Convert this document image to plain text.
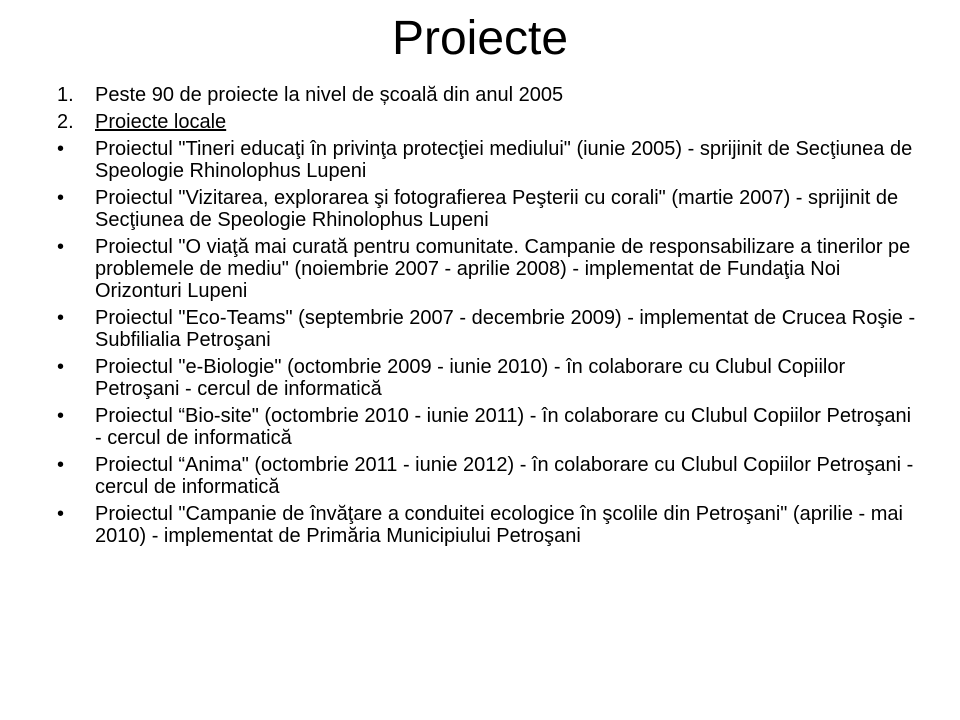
Proiecte
1.	Peste 90 de proiecte la nivel de școală din anul 2005
2.	Proiecte locale
•	Proiectul "Tineri educaţi în privinţa protecţiei mediului" (iunie 2005) - sprijinit de Secţiunea de Speologie Rhinolophus Lupeni
•	Proiectul "Vizitarea, explorarea şi fotografierea Peşterii cu corali" (martie 2007) - sprijinit de Secţiunea de Speologie Rhinolophus Lupeni
•	Proiectul "O viaţă mai curată pentru comunitate. Campanie de responsabilizare a tinerilor pe problemele de mediu" (noiembrie 2007 - aprilie 2008) - implementat de Fundaţia Noi Orizonturi Lupeni
•	Proiectul "Eco-Teams" (septembrie 2007 - decembrie 2009) - implementat de Crucea Roşie - Subfilialia Petroşani
•	Proiectul "e-Biologie" (octombrie 2009 - iunie 2010) - în colaborare cu Clubul Copiilor Petroşani - cercul de informatică
•	Proiectul “Bio-site" (octombrie 2010 - iunie 2011) - în colaborare cu Clubul Copiilor Petroşani - cercul de informatică
•	Proiectul “Anima" (octombrie 2011 - iunie 2012) - în colaborare cu Clubul Copiilor Petroşani - cercul de informatică
•	Proiectul "Campanie de învăţare a conduitei ecologice în şcolile din Petroşani" (aprilie - mai 2010) - implementat de Primăria Municipiului Petroşani
